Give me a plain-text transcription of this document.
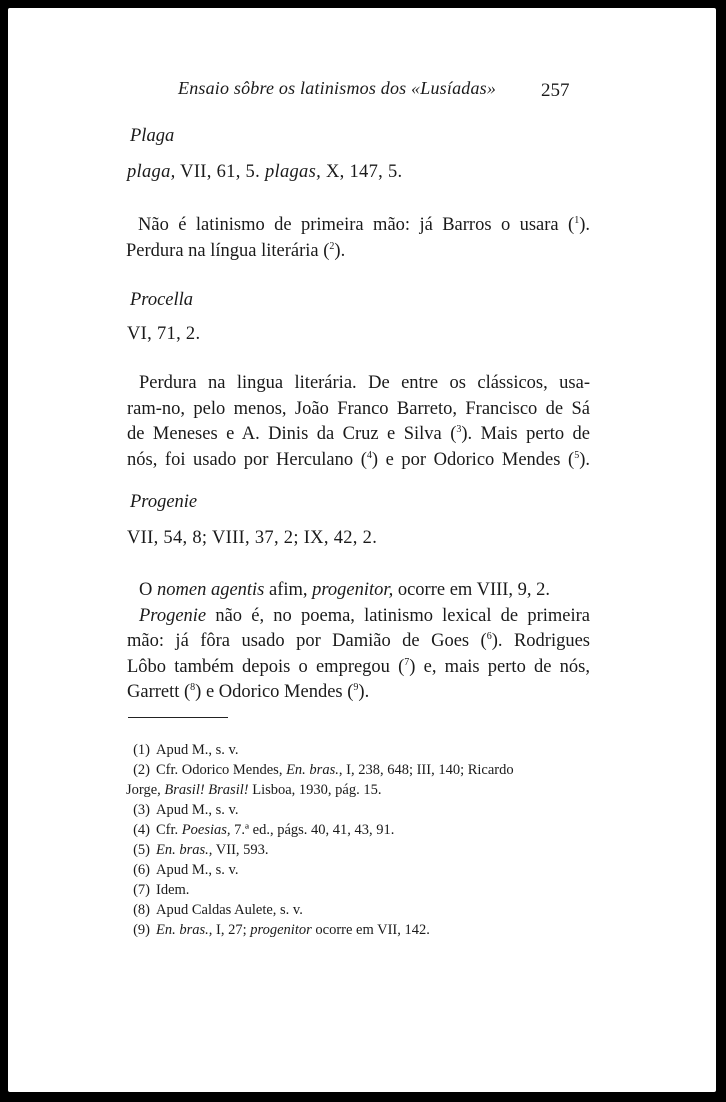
Ensaio sôbre os latinismos dos «Lusíadas»	257
Plaga
plaga, VII, 61, 5. plagas, X, 147, 5.
Não é latinismo de primeira mão: já Barros o usara ($^1$).
Perdura na língua literária ($^2$).
Procella
VI, 71, 2.
Perdura na lingua literária. De entre os clássicos, usa-
ram-no, pelo menos, João Franco Barreto, Francisco de Sá
de Meneses e A. Dinis da Cruz e Silva ($^3$). Mais perto de
nós, foi usado por Herculano ($^4$) e por Odorico Mendes ($^5$).
Progenie
VII, 54, 8; VIII, 37, 2; IX, 42, 2.
O nomen agentis afim, progenitor, ocorre em VIII, 9, 2.
Progenie não é, no poema, latinismo lexical de primeira
mão: já fôra usado por Damião de Goes ($^6$). Rodrigues
Lôbo também depois o empregou ($^7$) e, mais perto de nós,
Garrett ($^8$) e Odorico Mendes ($^9$).
(1) Apud M., s. v.
(2) Cfr. Odorico Mendes, En. bras., I, 238, 648; III, 140; Ricardo
Jorge, Brasil! Brasil! Lisboa, 1930, pág. 15.
(3) Apud M., s. v.
(4) Cfr. Poesias, 7.ª ed., págs. 40, 41, 43, 91.
(5) En. bras., VII, 593.
(6) Apud M., s. v.
(7) Idem.
(8) Apud Caldas Aulete, s. v.
(9) En. bras., I, 27; progenitor ocorre em VII, 142.
